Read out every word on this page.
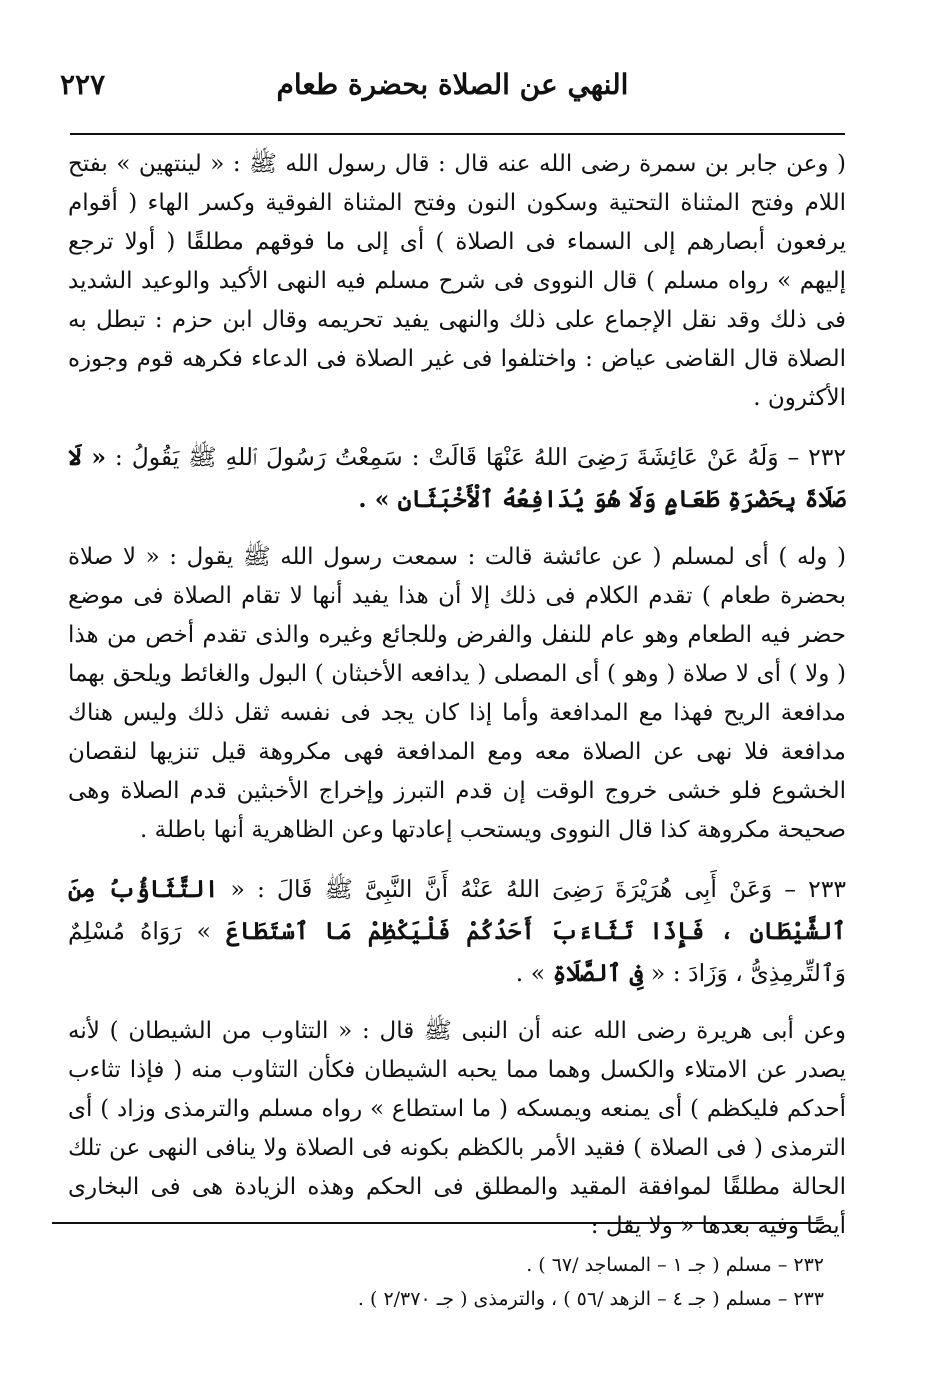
٢٢٧	النهي عن الصلاة بحضرة طعام

( وعن جابر بن سمرة رضى الله عنه قال : قال رسول الله ﷺ : « لينتهين » بفتح اللام وفتح المثناة التحتية وسكون النون وفتح المثناة الفوقية وكسر الهاء ( أقوام يرفعون أبصارهم إلى السماء فى الصلاة ) أى إلى ما فوقهم مطلقًا ( أولا ترجع إليهم » رواه مسلم ) قال النووى فى شرح مسلم فيه النهى الأكيد والوعيد الشديد فى ذلك وقد نقل الإجماع على ذلك والنهى يفيد تحريمه وقال ابن حزم : تبطل به الصلاة قال القاضى عياض : واختلفوا فى غير الصلاة فى الدعاء فكرهه قوم وجوزه الأكثرون .

٢٣٢ – وَلَهُ عَنْ عَائِشَةَ رَضِىَ اللهُ عَنْهَا قَالَتْ : سَمِعْتُ رَسُولَ ٱللهِ ﷺ يَقُولُ : « لَا صَلَاةَ بِحَضْرَةِ طَعَامٍ وَلَا هُوَ يُدَافِعُهُ ٱلْأَخْبَثَانِ » .

( وله ) أى لمسلم ( عن عائشة قالت : سمعت رسول الله ﷺ يقول : « لا صلاة بحضرة طعام ) تقدم الكلام فى ذلك إلا أن هذا يفيد أنها لا تقام الصلاة فى موضع حضر فيه الطعام وهو عام للنفل والفرض وللجائع وغيره والذى تقدم أخص من هذا ( ولا ) أى لا صلاة ( وهو ) أى المصلى ( يدافعه الأخبثان ) البول والغائط ويلحق بهما مدافعة الريح فهذا مع المدافعة وأما إذا كان يجد فى نفسه ثقل ذلك وليس هناك مدافعة فلا نهى عن الصلاة معه ومع المدافعة فهى مكروهة قيل تنزيها لنقصان الخشوع فلو خشى خروج الوقت إن قدم التبرز وإخراج الأخبثين قدم الصلاة وهى صحيحة مكروهة كذا قال النووى ويستحب إعادتها وعن الظاهرية أنها باطلة .

٢٣٣ – وَعَنْ أَبِى هُرَيْرَةَ رَضِىَ اللهُ عَنْهُ أَنَّ النَّبِىَّ ﷺ قَالَ : « التَّثَاؤُبُ مِنَ ٱلشَّيْطَانِ ، فَإِذَا تَثَاءَبَ أَحَدُكُمْ فَلْيَكْظِمْ مَا ٱسْتَطَاعَ » رَوَاهُ مُسْلِمٌ وَٱلتِّرمِذِىُّ ، وَزَادَ : « فِى ٱلصَّلَاةِ » .

وعن أبى هريرة رضى الله عنه أن النبى ﷺ قال : « التثاوب من الشيطان ) لأنه يصدر عن الامتلاء والكسل وهما مما يحبه الشيطان فكأن التثاوب منه ( فإذا تثاءب أحدكم فليكظم ) أى يمنعه ويمسكه ( ما استطاع » رواه مسلم والترمذى وزاد ) أى الترمذى ( فى الصلاة ) فقيد الأمر بالكظم بكونه فى الصلاة ولا ينافى النهى عن تلك الحالة مطلقًا لموافقة المقيد والمطلق فى الحكم وهذه الزيادة هى فى البخارى أيضًا وفيه بعدها « ولا يقل :

٢٣٢ – مسلم ( جـ ١ – المساجد /٦٧ ) .

٢٣٣ – مسلم ( جـ ٤ – الزهد /٥٦ ) ، والترمذى ( جـ ٢/٣٧٠ ) .
